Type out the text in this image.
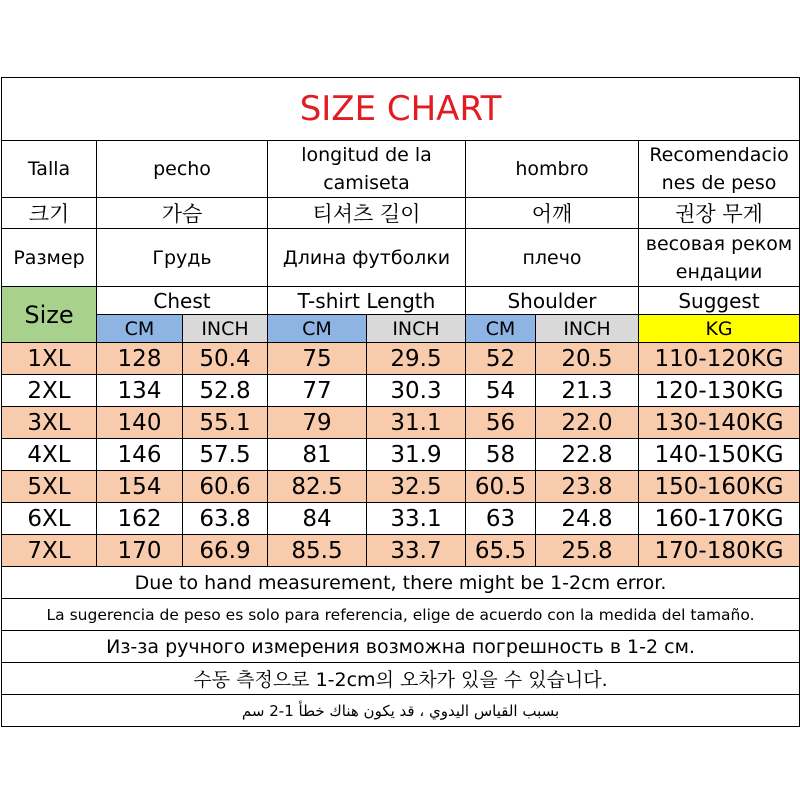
SIZE CHART							
Talla	pecho		longitud de la camiseta		hombro		Recomendacio nes de peso
크기	가슴		티셔츠 길이		어깨		권장 무게
Размер	Грудь		Длина футболки		плечо		весовая реком ендации
Size	Chest		T-shirt Length		Shoulder		Suggest
	CM	INCH	CM	INCH	CM	INCH	KG
1XL	128	50.4	75	29.5	52	20.5	110-120KG
2XL	134	52.8	77	30.3	54	21.3	120-130KG
3XL	140	55.1	79	31.1	56	22.0	130-140KG
4XL	146	57.5	81	31.9	58	22.8	140-150KG
5XL	154	60.6	82.5	32.5	60.5	23.8	150-160KG
6XL	162	63.8	84	33.1	63	24.8	160-170KG
7XL	170	66.9	85.5	33.7	65.5	25.8	170-180KG
Due to hand measurement, there might be 1-2cm error.							
La sugerencia de peso es solo para referencia, elige de acuerdo con la medida del tamaño.							
Из-за ручного измерения возможна погрешность в 1-2 см.							
수동 측정으로 1-2cm의 오차가 있을 수 있습니다.							
بسبب القياس اليدوي ، قد يكون هناك خطأ 1-2 سم							
